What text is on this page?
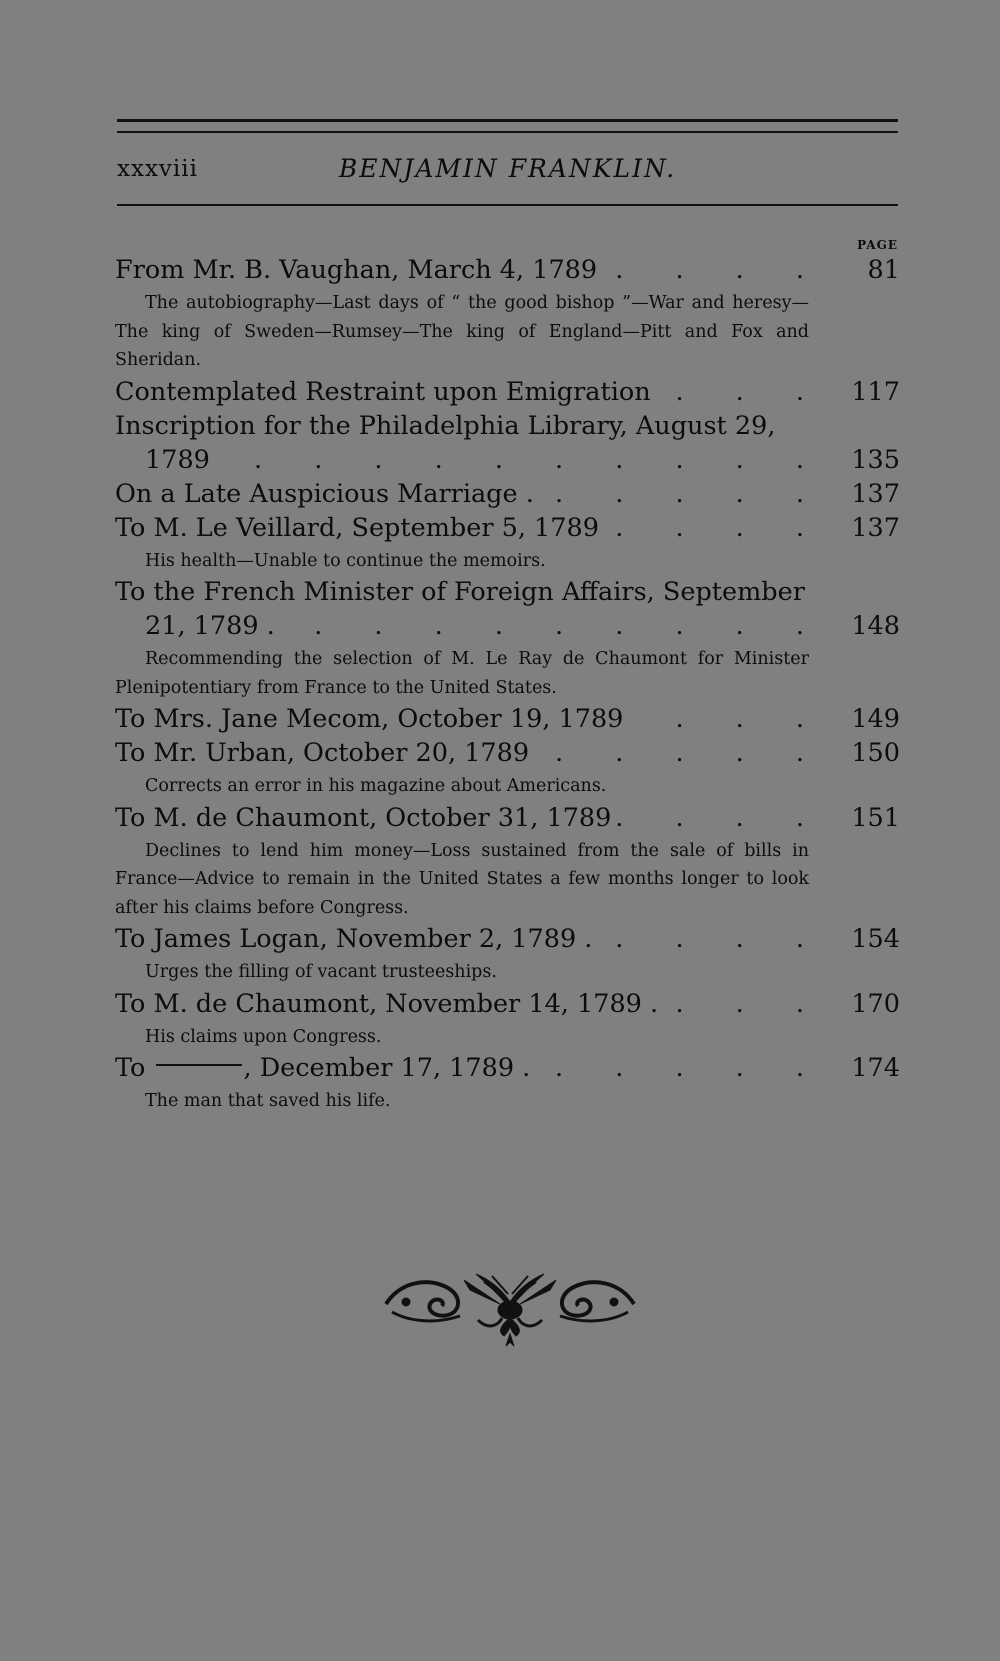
xxxviii	BENJAMIN FRANKLIN.
PAGE
From Mr. B. Vaughan, March 4, 1789 . . .	81
The autobiography—Last days of “ the good bishop ”—War and heresy—The king of Sweden—Rumsey—The king of England—Pitt and Fox and Sheridan.
Contemplated Restraint upon Emigration . . .	117
Inscription for the Philadelphia Library, August 29,
1789 . . .	135
On a Late Auspicious Marriage . . . .	137
To M. Le Veillard, September 5, 1789 . . .	137
His health—Unable to continue the memoirs.
To the French Minister of Foreign Affairs, September
21, 1789 . . . .	148
Recommending the selection of M. Le Ray de Chaumont for Minister Plenipotentiary from France to the United States.
To Mrs. Jane Mecom, October 19, 1789 . . .	149
To Mr. Urban, October 20, 1789 . . .	150
Corrects an error in his magazine about Americans.
To M. de Chaumont, October 31, 1789 . . .	151
Declines to lend him money—Loss sustained from the sale of bills in France—Advice to remain in the United States a few months longer to look after his claims before Congress.
To James Logan, November 2, 1789 . . . .	154
Urges the filling of vacant trusteeships.
To M. de Chaumont, November 14, 1789 . . . .	170
His claims upon Congress.
To	, December 17, 1789 . . . .	174
The man that saved his life.
